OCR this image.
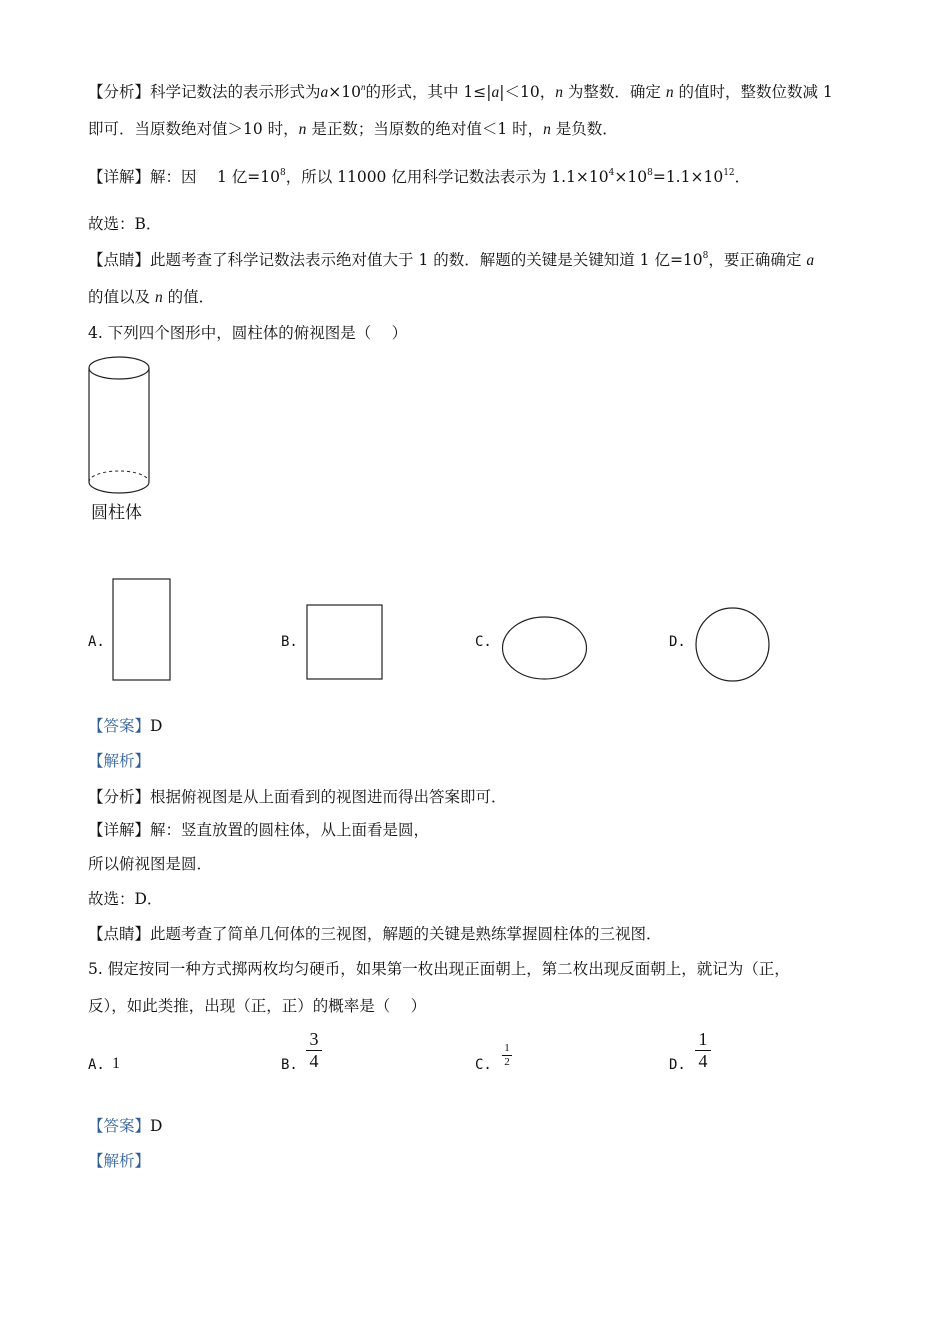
【分析】科学记数法的表示形式为$a\times 10^n$的形式，其中 1≤|a|＜10，n 为整数．确定 n 的值时，整数位数减 1
即可．当原数绝对值＞10 时，n 是正数；当原数的绝对值＜1 时，n 是负数．
【详解】解：因　 1 亿$=10^8$，所以 11000 亿用科学记数法表示为 $1.1\times 10^4\times 10^8=1.1\times 10^{12}$．
故选：B．
【点睛】此题考查了科学记数法表示绝对值大于 1 的数．解题的关键是关键知道 1 亿$=10^8$，要正确确定 a
的值以及 n 的值．
4. 下列四个图形中，圆柱体的俯视图是（　 ）
圆柱体
A.	B.	C.	D.
【答案】D
【解析】
【分析】根据俯视图是从上面看到的视图进而得出答案即可．
【详解】解：竖直放置的圆柱体，从上面看是圆，
所以俯视图是圆．
故选：D．
【点睛】此题考查了简单几何体的三视图，解题的关键是熟练掌握圆柱体的三视图．
5. 假定按同一种方式掷两枚均匀硬币，如果第一枚出现正面朝上，第二枚出现反面朝上，就记为（正，
反），如此类推，出现（正，正）的概率是（　 ）
A. 1	B.
3
4	C.
1
2	D.
1
4
【答案】D
【解析】
